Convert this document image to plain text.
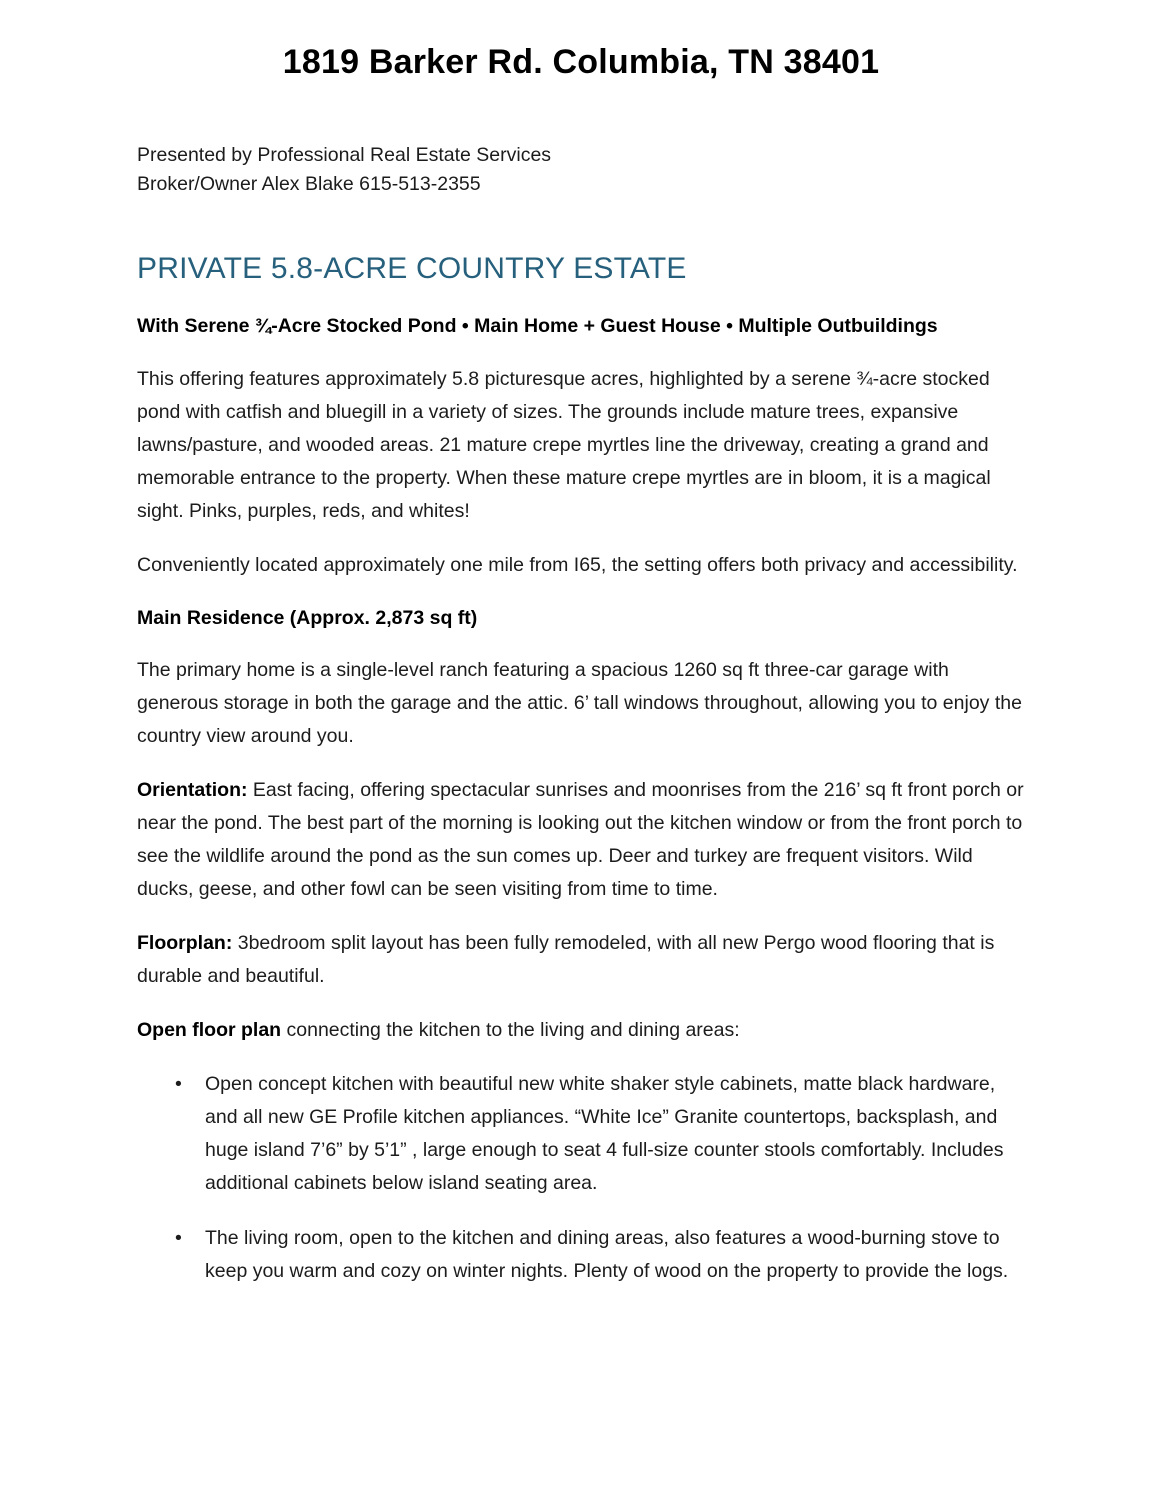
1819 Barker Rd. Columbia, TN 38401

Presented by Professional Real Estate Services

Broker/Owner Alex Blake 615-513-2355

PRIVATE 5.8-ACRE COUNTRY ESTATE

With Serene ¾-Acre Stocked Pond • Main Home + Guest House • Multiple Outbuildings

This offering features approximately 5.8 picturesque acres, highlighted by a serene ¾-acre stocked pond with catfish and bluegill in a variety of sizes. The grounds include mature trees, expansive lawns/pasture, and wooded areas. 21 mature crepe myrtles line the driveway, creating a grand and memorable entrance to the property. When these mature crepe myrtles are in bloom, it is a magical sight. Pinks, purples, reds, and whites!

Conveniently located approximately one mile from I65, the setting offers both privacy and accessibility.

Main Residence (Approx. 2,873 sq ft)

The primary home is a single-level ranch featuring a spacious 1260 sq ft three-car garage with generous storage in both the garage and the attic. 6’ tall windows throughout, allowing you to enjoy the country view around you.

Orientation: East facing, offering spectacular sunrises and moonrises from the 216’ sq ft front porch or near the pond. The best part of the morning is looking out the kitchen window or from the front porch to see the wildlife around the pond as the sun comes up. Deer and turkey are frequent visitors. Wild ducks, geese, and other fowl can be seen visiting from time to time.

Floorplan: 3bedroom split layout has been fully remodeled, with all new Pergo wood flooring that is durable and beautiful.

Open floor plan connecting the kitchen to the living and dining areas:

• Open concept kitchen with beautiful new white shaker style cabinets, matte black hardware, and all new GE Profile kitchen appliances. “White Ice” Granite countertops, backsplash, and huge island 7’6” by 5’1” , large enough to seat 4 full-size counter stools comfortably. Includes additional cabinets below island seating area.
• The living room, open to the kitchen and dining areas, also features a wood-burning stove to keep you warm and cozy on winter nights. Plenty of wood on the property to provide the logs.
